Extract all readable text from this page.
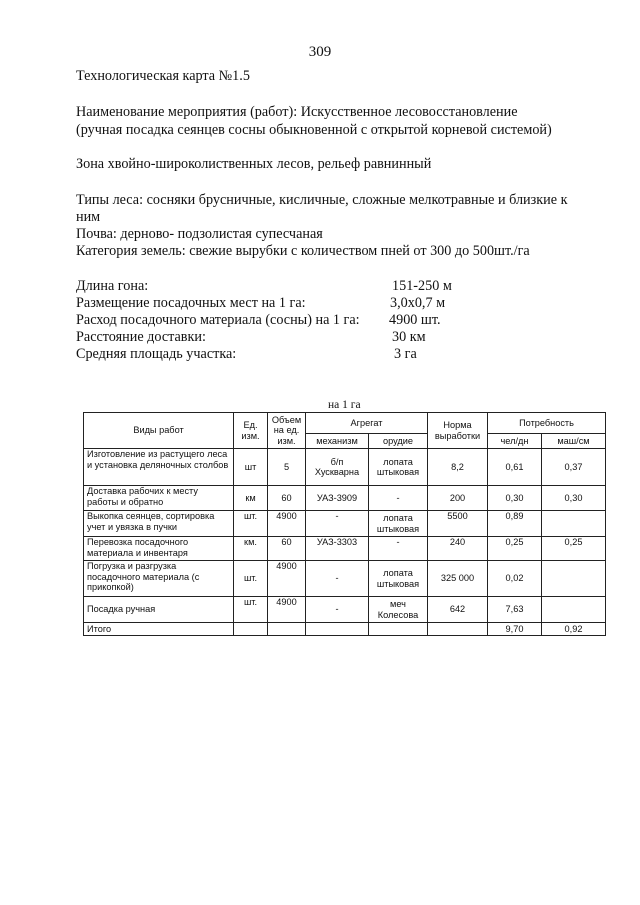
309
Технологическая карта №1.5
Наименование мероприятия (работ): Искусственное лесовосстановление
(ручная посадка сеянцев сосны обыкновенной с открытой корневой системой)
Зона хвойно-широколиственных лесов, рельеф равнинный
Типы леса: сосняки брусничные, кисличные, сложные мелкотравные и близкие к
ним
Почва: дерново- подзолистая супесчаная
Категория земель: свежие вырубки с количеством пней от 300 до 500шт./га
Длина гона:	151-250 м
Размещение посадочных мест на 1 га:	3,0x0,7 м
Расход посадочного материала (сосны) на 1 га: 4900 шт.
Расстояние доставки:	30 км
Средняя площадь участка:	3 га
на 1 га
Виды работ	Ед. изм.	Объем на ед. изм.	Агрегат		Норма выработки	Потребность	
			механизм	орудие		чел/дн	маш/см
Изготовление из растущего леса и установка деляночных столбов	шт	5	б/п Хускварна	лопата штыковая	8,2	0,61	0,37
Доставка рабочих к месту работы и обратно	км	60	УАЗ-3909	-	200	0,30	0,30
Выкопка сеянцев, сортировка учет и увязка в пучки	шт.	4900	-	лопата штыковая	5500	0,89	
Перевозка посадочного материала и инвентаря	км.	60	УАЗ-3303	-	240	0,25	0,25
Погрузка и разгрузка посадочного материала (с прикопкой)	шт.	4900	-	лопата штыковая	325 000	0,02	
Посадка ручная	шт.	4900	-	меч Колесова	642	7,63	
Итого						9,70	0,92
